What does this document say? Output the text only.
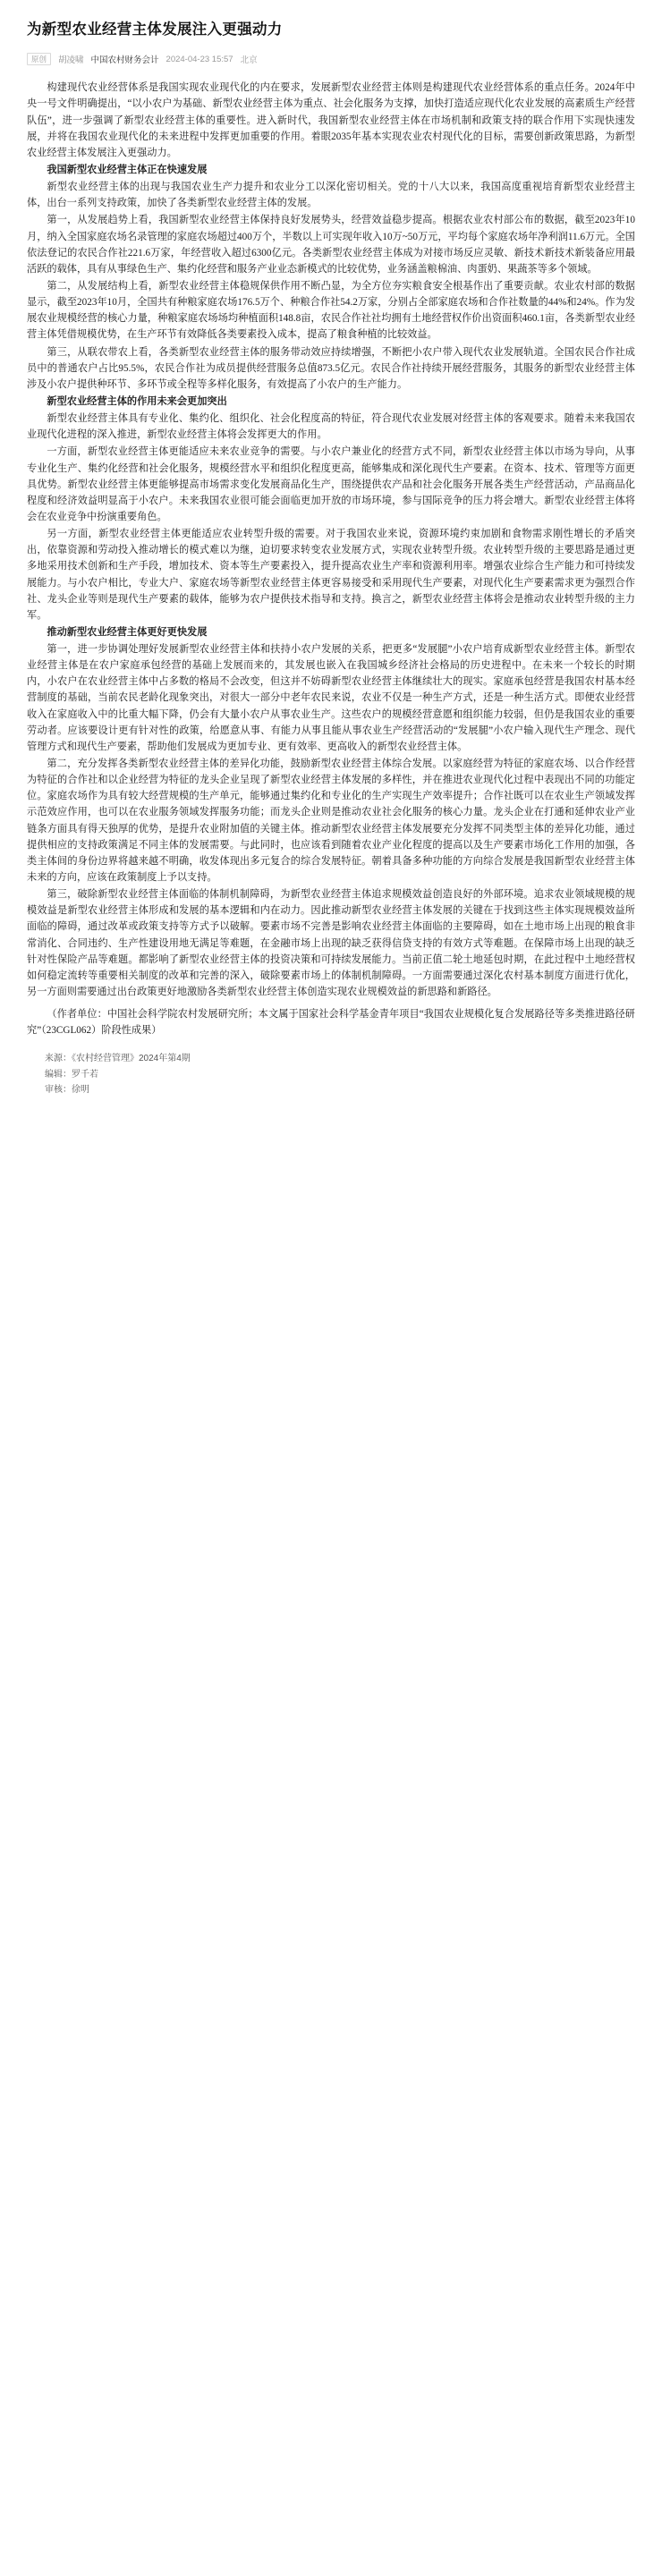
为新型农业经营主体发展注入更强动力
原创	胡凌啸 中国农村财务会计 2024-04-23 15:57 北京

构建现代农业经营体系是我国实现农业现代化的内在要求，发展新型农业经营主体则是构建现代农业经营体系的重点任务。2024年中央一号文件明确提出，“以小农户为基础、新型农业经营主体为重点、社会化服务为支撑，加快打造适应现代化农业发展的高素质生产经营队伍”，进一步强调了新型农业经营主体的重要性。进入新时代，我国新型农业经营主体在市场机制和政策支持的联合作用下实现快速发展，并将在我国农业现代化的未来进程中发挥更加重要的作用。着眼2035年基本实现农业农村现代化的目标，需要创新政策思路，为新型农业经营主体发展注入更强动力。

我国新型农业经营主体正在快速发展

新型农业经营主体的出现与我国农业生产力提升和农业分工以深化密切相关。党的十八大以来，我国高度重视培育新型农业经营主体，出台一系列支持政策，加快了各类新型农业经营主体的发展。

第一，从发展趋势上看，我国新型农业经营主体保持良好发展势头，经营效益稳步提高。根据农业农村部公布的数据，截至2023年10月，纳入全国家庭农场名录管理的家庭农场超过400万个，半数以上可实现年收入10万~50万元，平均每个家庭农场年净利润11.6万元。全国依法登记的农民合作社221.6万家，年经营收入超过6300亿元。各类新型农业经营主体成为对接市场反应灵敏、新技术新技术新装备应用最活跃的载体，具有从事绿色生产、集约化经营和服务产业业态新模式的比较优势，业务涵盖粮棉油、肉蛋奶、果蔬茶等多个领域。

第二，从发展结构上看，新型农业经营主体稳规保供作用不断凸显，为全方位夯实粮食安全根基作出了重要贡献。农业农村部的数据显示，截至2023年10月，全国共有种粮家庭农场176.5万个、种粮合作社54.2万家，分别占全部家庭农场和合作社数量的44%和24%。作为发展农业规模经营的核心力量，种粮家庭农场场均种植面积148.8亩，农民合作社社均拥有土地经营权作价出资面积460.1亩，各类新型农业经营主体凭借规模优势，在生产环节有效降低各类要素投入成本，提高了粮食种植的比较效益。

第三，从联农带农上看，各类新型农业经营主体的服务带动效应持续增强，不断把小农户带入现代农业发展轨道。全国农民合作社成员中的普通农户占比95.5%，农民合作社为成员提供经营服务总值873.5亿元。农民合作社持续开展经营服务，其服务的新型农业经营主体涉及小农户提供种环节、多环节或全程等多样化服务，有效提高了小农户的生产能力。

新型农业经营主体的作用未来会更加突出

新型农业经营主体具有专业化、集约化、组织化、社会化程度高的特征，符合现代农业发展对经营主体的客观要求。随着未来我国农业现代化进程的深入推进，新型农业经营主体将会发挥更大的作用。

一方面，新型农业经营主体更能适应未来农业竞争的需要。与小农户兼业化的经营方式不同，新型农业经营主体以市场为导向，从事专业化生产、集约化经营和社会化服务，规模经营水平和组织化程度更高，能够集成和深化现代生产要素。在资本、技术、管理等方面更具优势。新型农业经营主体更能够提高市场需求变化发展商品化生产，围绕提供农产品和社会化服务开展各类生产经营活动，产品商品化程度和经济效益明显高于小农户。未来我国农业很可能会面临更加开放的市场环境，参与国际竞争的压力将会增大。新型农业经营主体将会在农业竞争中扮演重要角色。

另一方面，新型农业经营主体更能适应农业转型升级的需要。对于我国农业来说，资源环境约束加剧和食物需求刚性增长的矛盾突出，依靠资源和劳动投入推动增长的模式难以为继，迫切要求转变农业发展方式，实现农业转型升级。农业转型升级的主要思路是通过更多地采用技术创新和生产手段，增加技术、资本等生产要素投入，提升提高农业生产率和资源利用率。增强农业综合生产能力和可持续发展能力。与小农户相比，专业大户、家庭农场等新型农业经营主体更容易接受和采用现代生产要素，对现代化生产要素需求更为强烈合作社、龙头企业等则是现代生产要素的载体，能够为农户提供技术指导和支持。换言之，新型农业经营主体将会是推动农业转型升级的主力军。

推动新型农业经营主体更好更快发展

第一，进一步协调处理好发展新型农业经营主体和扶持小农户发展的关系，把更多“发展腿”小农户培育成新型农业经营主体。新型农业经营主体是在农户家庭承包经营的基础上发展而来的，其发展也嵌入在我国城乡经济社会格局的历史进程中。在未来一个较长的时期内，小农户在农业经营主体中占多数的格局不会改变，但这并不妨碍新型农业经营主体继续壮大的现实。家庭承包经营是我国农村基本经营制度的基础，当前农民老龄化现象突出，对很大一部分中老年农民来说，农业不仅是一种生产方式，还是一种生活方式。即便农业经营收入在家庭收入中的比重大幅下降，仍会有大量小农户从事农业生产。这些农户的规模经营意愿和组织能力较弱，但仍是我国农业的重要劳动者。应该要设计更有针对性的政策，给愿意从事、有能力从事且能从事农业生产经营活动的“发展腿”小农户输入现代生产理念、现代管理方式和现代生产要素，帮助他们发展成为更加专业、更有效率、更高收入的新型农业经营主体。

第二，充分发挥各类新型农业经营主体的差异化功能，鼓励新型农业经营主体综合发展。以家庭经营为特征的家庭农场、以合作经营为特征的合作社和以企业经营为特征的龙头企业呈现了新型农业经营主体发展的多样性，并在推进农业现代化过程中表现出不同的功能定位。家庭农场作为具有较大经营规模的生产单元，能够通过集约化和专业化的生产实现生产效率提升；合作社既可以在农业生产领域发挥示范效应作用，也可以在农业服务领域发挥服务功能；而龙头企业则是推动农业社会化服务的核心力量。龙头企业在打通和延伸农业产业链条方面具有得天独厚的优势，是提升农业附加值的关键主体。推动新型农业经营主体发展要充分发挥不同类型主体的差异化功能，通过提供相应的支持政策满足不同主体的发展需要。与此同时，也应该看到随着农业产业化程度的提高以及生产要素市场化工作用的加强，各类主体间的身份边界将越来越不明确，收发体现出多元复合的综合发展特征。朝着具备多种功能的方向综合发展是我国新型农业经营主体未来的方向，应该在政策制度上予以支持。

第三，破除新型农业经营主体面临的体制机制障碍，为新型农业经营主体追求规模效益创造良好的外部环境。追求农业领域规模的规模效益是新型农业经营主体形成和发展的基本逻辑和内在动力。因此推动新型农业经营主体发展的关键在于找到这些主体实现规模效益所面临的障碍，通过改革或政策支持等方式予以破解。要素市场不完善是影响农业经营主体面临的主要障碍，如在土地市场上出现的粮食非常消化、合同违约、生产性建设用地无满足等难题，在金融市场上出现的缺乏获得信贷支持的有效方式等难题。在保障市场上出现的缺乏针对性保险产品等难题。都影响了新型农业经营主体的投资决策和可持续发展能力。当前正值二轮土地延包时期，在此过程中土地经营权如何稳定流转等重要相关制度的改革和完善的深入，破除要素市场上的体制机制障碍。一方面需要通过深化农村基本制度方面进行优化，另一方面则需要通过出台政策更好地激励各类新型农业经营主体创造实现农业规模效益的新思路和新路径。

（作者单位：中国社会科学院农村发展研究所；本文属于国家社会科学基金青年项目“我国农业规模化复合发展路径等多类推进路径研究”（23CGL062）阶段性成果）

来源：《农村经营管理》2024年第4期
编辑：罗千若
审核：徐明
